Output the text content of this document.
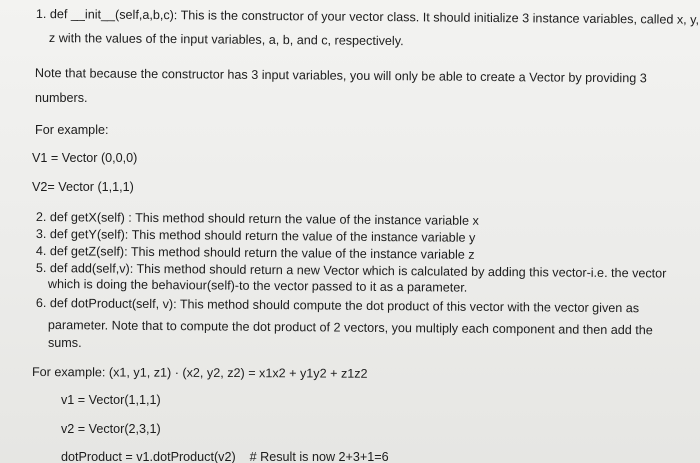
1. def __init__(self,a,b,c): This is the constructor of your vector class. It should initialize 3 instance variables, called x, y,
z with the values of the input variables, a, b, and c, respectively.
Note that because the constructor has 3 input variables, you will only be able to create a Vector by providing 3
numbers.
For example:
V1 = Vector (0,0,0)
V2= Vector (1,1,1)
2. def getX(self) : This method should return the value of the instance variable x
3. def getY(self): This method should return the value of the instance variable y
4. def getZ(self): This method should return the value of the instance variable z
5. def add(self,v): This method should return a new Vector which is calculated by adding this vector-i.e. the vector
which is doing the behaviour(self)-to the vector passed to it as a parameter.
6. def dotProduct(self, v): This method should compute the dot product of this vector with the vector given as
parameter. Note that to compute the dot product of 2 vectors, you multiply each component and then add the
sums.
For example: (x1, y1, z1) · (x2, y2, z2) = x1x2 + y1y2 + z1z2
v1 = Vector(1,1,1)
v2 = Vector(2,3,1)
dotProduct = v1.dotProduct(v2)    # Result is now 2+3+1=6
